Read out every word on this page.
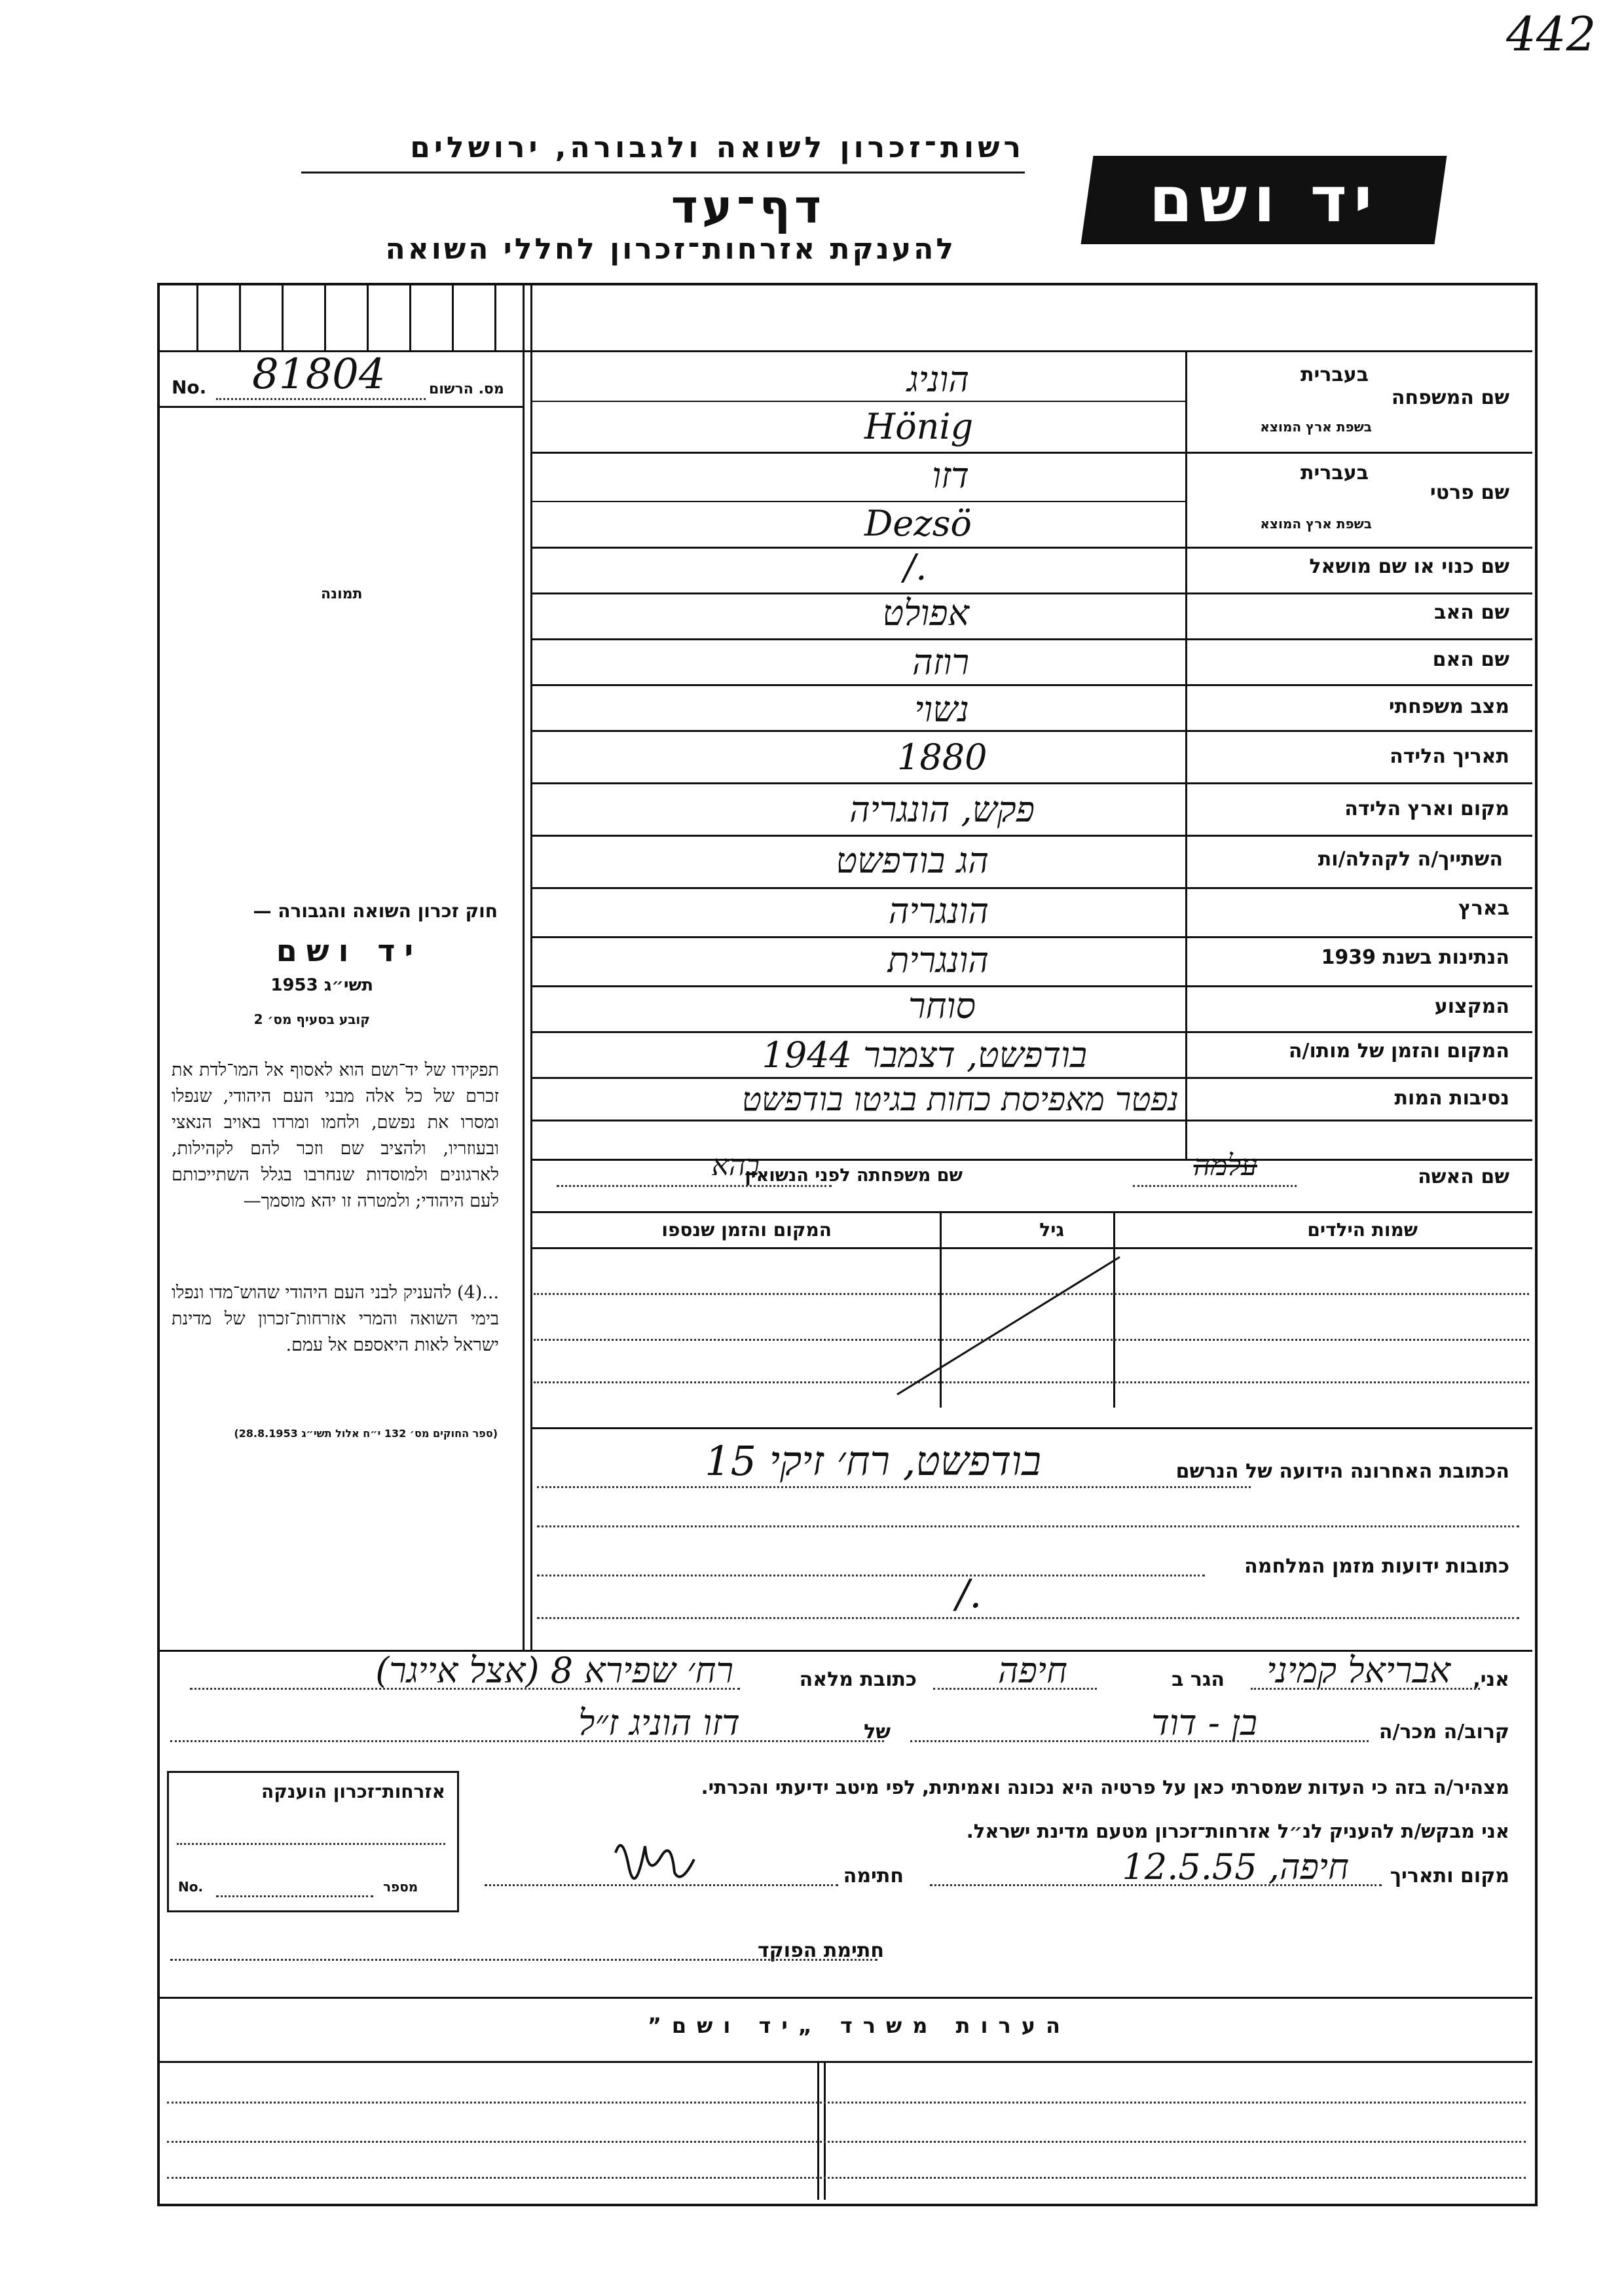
442
רשות־זכרון לשואה ולגבורה, ירושלים
דף־עד
להענקת אזרחות־זכרון לחללי השואה
יד ושם
מס. הרשום
No. 81804
תמונה
שם המשפחה
בעברית
בשפת ארץ המוצא
שם פרטי
בעברית
בשפת ארץ המוצא
שם כנוי או שם מושאל
שם האב
שם האם
מצב משפחתי
תאריך הלידה
מקום וארץ הלידה
השתייך/ה לקהלה/ות
בארץ
הנתינות בשנת 1939
המקצוע
המקום והזמן של מותו/ה
נסיבות המות
הוניג
Hönig
דזו
Dezsö
/.
אפולט
רוזה
נשוי
1880
פקש, הונגריה
הג בודפשט
הונגריה
הונגרית
סוחר
בודפשט, דצמבר 1944
נפטר מאפיסת כחות בגיטו בודפשט
שם האשה
עלמה
שם משפחתה לפני הנשואין
בהא
שמות הילדים
גיל
המקום והזמן שנספו
הכתובת האחרונה הידועה של הנרשם
בודפשט, רח׳ זיקי 15
כתובות ידועות מזמן המלחמה
/.
חוק זכרון השואה והגבורה —
יד ושם
תשי״ג 1953
קובע בסעיף מס׳ 2
תפקידו של יד־ושם הוא לאסוף אל המו־לדת את זכרם של כל אלה מבני העם היהודי, שנפלו ומסרו את נפשם, ולחמו ומרדו באויב הנאצי ובעוזריו, ולהציב שם וזכר להם לקהילות, לארגונים ולמוסדות שנחרבו בגלל השתייכותם לעם היהודי; ולמטרה זו יהא מוסמך—
...(4) להעניק לבני העם היהודי שהוש־מדו ונפלו בימי השואה והמרי אזרחות־זכרון של מדינת ישראל לאות היאספם אל עמם.
(ספר החוקים מס׳ 132 י״ח אלול תשי״ג 28.8.1953)
אני,
אבריאל קמיני
הגר ב
חיפה
כתובת מלאה
רח׳ שפירא 8 (אצל אייגר)
קרוב/ה מכר/ה
בן - דוד
של
דזו הוניג ז״ל
מצהיר/ה בזה כי העדות שמסרתי כאן על פרטיה היא נכונה ואמיתית, לפי מיטב ידיעתי והכרתי.
אני מבקש/ת להעניק לנ״ל אזרחות־זכרון מטעם מדינת ישראל.
מקום ותאריך
חיפה, 12.5.55
חתימה
חתימת הפוקד
אזרחות־זכרון הוענקה
No.	מספר
הערות משרד „יד ושם”
